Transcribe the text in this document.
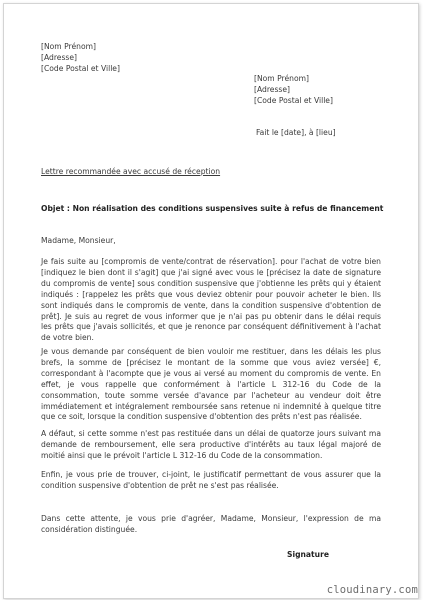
[Nom Prénom]
[Adresse]
[Code Postal et Ville]
[Nom Prénom]
[Adresse]
[Code Postal et Ville]
Fait le [date], à [lieu]
Lettre recommandée avec accusé de réception
Objet : Non réalisation des conditions suspensives suite à refus de financement
Madame, Monsieur,
Je fais suite au [compromis de vente/contrat de réservation]. pour l'achat de votre bien [indiquez le bien dont il s'agit] que j'ai signé avec vous le [précisez la date de signature du compromis de vente] sous condition suspensive que j'obtienne les prêts qui y étaient indiqués : [rappelez les prêts que vous deviez obtenir pour pouvoir acheter le bien. Ils sont indiqués dans le compromis de vente, dans la condition suspensive d'obtention de prêt]. Je suis au regret de vous informer que je n'ai pas pu obtenir dans le délai requis les prêts que j'avais sollicités, et que je renonce par conséquent définitivement à l'achat de votre bien.
Je vous demande par conséquent de bien vouloir me restituer, dans les délais les plus brefs, la somme de [précisez le montant de la somme que vous aviez versée] €, correspondant à l'acompte que je vous ai versé au moment du compromis de vente. En effet, je vous rappelle que conformément à l'article L 312-16 du Code de la consommation, toute somme versée d'avance par l'acheteur au vendeur doit être immédiatement et intégralement remboursée sans retenue ni indemnité à quelque titre que ce soit, lorsque la condition suspensive d'obtention des prêts n'est pas réalisée.
A défaut, si cette somme n'est pas restituée dans un délai de quatorze jours suivant ma demande de remboursement, elle sera productive d'intérêts au taux légal majoré de moitié ainsi que le prévoit l'article L 312-16 du Code de la consommation.
Enfin, je vous prie de trouver, ci-joint, le justificatif permettant de vous assurer que la condition suspensive d'obtention de prêt ne s'est pas réalisée.
Dans cette attente, je vous prie d'agréer, Madame, Monsieur, l'expression de ma considération distinguée.
Signature
cloudinary.com
